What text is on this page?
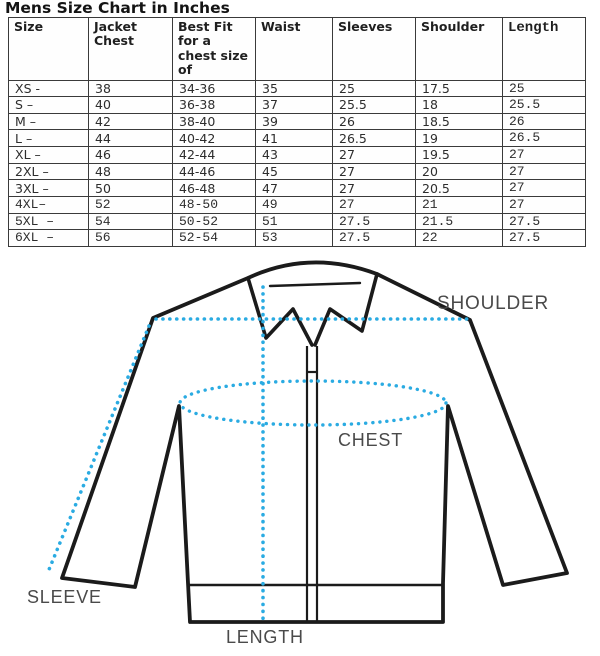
Mens Size Chart in Inches
Size	Jacket Chest	Best Fit for a chest size of	Waist	Sleeves	Shoulder	Length
XS -	38	34-36	35	25	17.5	25
S –	40	36-38	37	25.5	18	25.5
M –	42	38-40	39	26	18.5	26
L –	44	40-42	41	26.5	19	26.5
XL –	46	42-44	43	27	19.5	27
2XL –	48	44-46	45	27	20	27
3XL –	50	46-48	47	27	20.5	27
4XL–	52	48-50	49	27	21	27
5XL –	54	50-52	51	27.5	21.5	27.5
6XL –	56	52-54	53	27.5	22	27.5
SHOULDER
CHEST
SLEEVE
LENGTH
